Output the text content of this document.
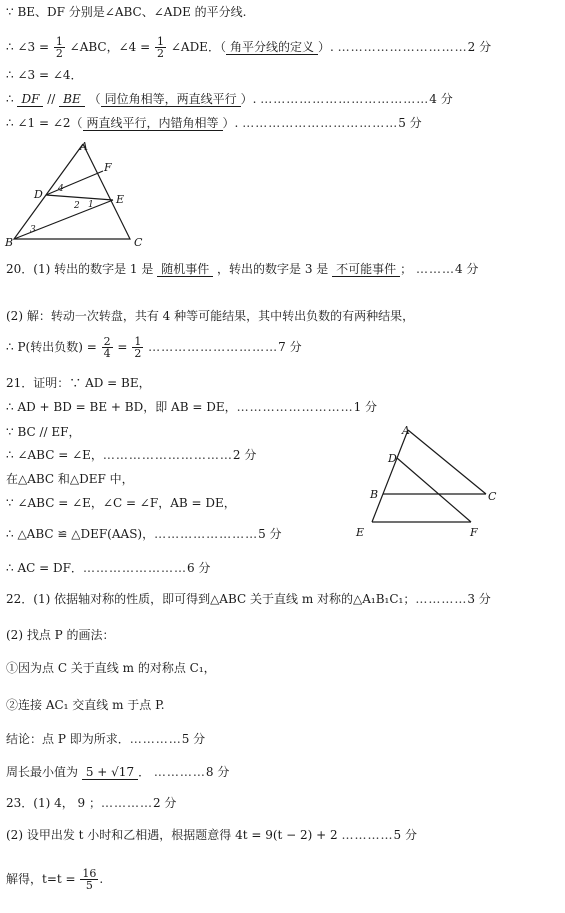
∵ BE、DF 分别是∠ABC、∠ADE 的平分线.
∴ ∠3 = $\frac{1}{2}$ ∠ABC，∠4 = $\frac{1}{2}$ ∠ADE．（ 角平分线的定义 ）. …………………………2 分
∴ ∠3 = ∠4．
∴ DF // BE （ 同位角相等，两直线平行 ）. …………………………………4 分
∴ ∠1 = ∠2（ 两直线平行，内错角相等 ）. ………………………………5 分
A
F
D	E
B	C
4
2 1
3
20．(1) 转出的数字是 1 是 随机事件 ，转出的数字是 3 是 不可能事件 ； ………4 分
(2) 解：转动一次转盘，共有 4 种等可能结果，其中转出负数的有两种结果，
∴ P(转出负数) = $\frac{2}{4} = \frac{1}{2}$ …………………………7 分
21．证明：∵ AD = BE，
∴ AD + BD = BE + BD，即 AB = DE，………………………1 分
∵ BC // EF，
∴ ∠ABC = ∠E，…………………………2 分
在△ABC 和△DEF 中，
∵ ∠ABC = ∠E，∠C = ∠F，AB = DE，
∴ △ABC ≌ △DEF(AAS)，……………………5 分
∴ AC = DF．……………………6 分
A
D
B	C
E	F
22．(1) 依据轴对称的性质，即可得到△ABC 关于直线 m 对称的△A₁B₁C₁；…………3 分
(2) 找点 P 的画法：
①因为点 C 关于直线 m 的对称点 C₁，
②连接 AC₁ 交直线 m 于点 P.
结论：点 P 即为所求．…………5 分
周长最小值为 5 + √17 ． …………8 分
23．(1) 4， 9 ；…………2 分
(2) 设甲出发 t 小时和乙相遇，根据题意得 4t = 9(t − 2) + 2 …………5 分
解得，$t=t = \frac{16}{5}$ .
